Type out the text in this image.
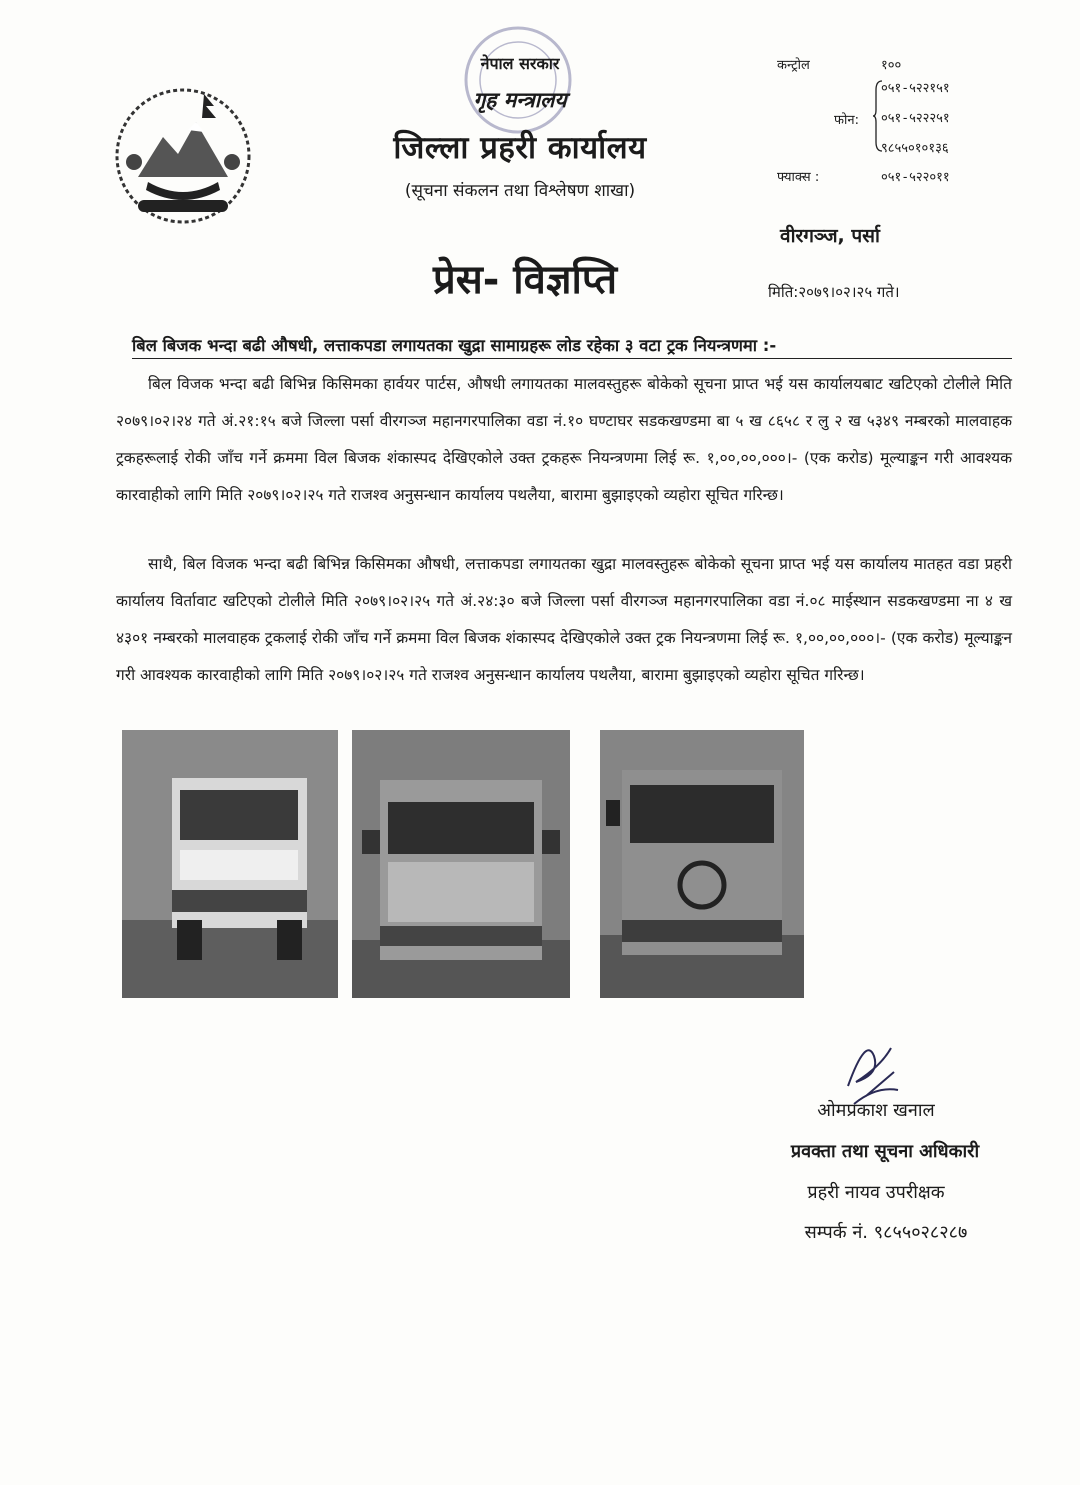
नेपाल सरकार
गृह मन्त्रालय
जिल्ला प्रहरी कार्यालय
(सूचना संकलन तथा विश्लेषण शाखा)
कन्ट्रोल	१००
फोन:
०५१-५२२१५१
०५१-५२२२५१
९८५५०१०१३६
फ्याक्स :	०५१-५२२०११
वीरगञ्ज, पर्सा
प्रेस- विज्ञप्ति	मिति:२०७९।०२।२५ गते।
बिल बिजक भन्दा बढी औषधी, लत्ताकपडा लगायतका खुद्रा सामाग्रहरू लोड रहेका ३ वटा ट्रक नियन्त्रणमा :-

बिल विजक भन्दा बढी बिभिन्न किसिमका हार्वयर पार्टस, औषधी लगायतका मालवस्तुहरू बोकेको सूचना प्राप्त भई यस कार्यालयबाट खटिएको टोलीले मिति २०७९।०२।२४ गते अं.२१:१५ बजे जिल्ला पर्सा वीरगञ्ज महानगरपालिका वडा नं.१० घण्टाघर सडकखण्डमा बा ५ ख ८६५८ र लु २ ख ५३४९ नम्बरको मालवाहक ट्रकहरूलाई रोकी जाँच गर्ने क्रममा विल बिजक शंकास्पद देखिएकोले उक्त ट्रकहरू नियन्त्रणमा लिई रू. १,००,००,०००।- (एक करोड) मूल्याङ्कन गरी आवश्यक कारवाहीको लागि मिति २०७९।०२।२५ गते राजश्व अनुसन्धान कार्यालय पथलैया, बारामा बुझाइएको व्यहोरा सूचित गरिन्छ।

साथै, बिल विजक भन्दा बढी बिभिन्न किसिमका औषधी, लत्ताकपडा लगायतका खुद्रा मालवस्तुहरू बोकेको सूचना प्राप्त भई यस कार्यालय मातहत वडा प्रहरी कार्यालय विर्तावाट खटिएको टोलीले मिति २०७९।०२।२५ गते अं.२४:३० बजे जिल्ला पर्सा वीरगञ्ज महानगरपालिका वडा नं.०८ माईस्थान सडकखण्डमा ना ४ ख ४३०१ नम्बरको मालवाहक ट्रकलाई रोकी जाँच गर्ने क्रममा विल बिजक शंकास्पद देखिएकोले उक्त ट्रक नियन्त्रणमा लिई रू. १,००,००,०००।- (एक करोड) मूल्याङ्कन गरी आवश्यक कारवाहीको लागि मिति २०७९।०२।२५ गते राजश्व अनुसन्धान कार्यालय पथलैया, बारामा बुझाइएको व्यहोरा सूचित गरिन्छ।

ओमप्रकाश खनाल
प्रवक्ता तथा सूचना अधिकारी
प्रहरी नायव उपरीक्षक
सम्पर्क नं. ९८५५०२८२८७
